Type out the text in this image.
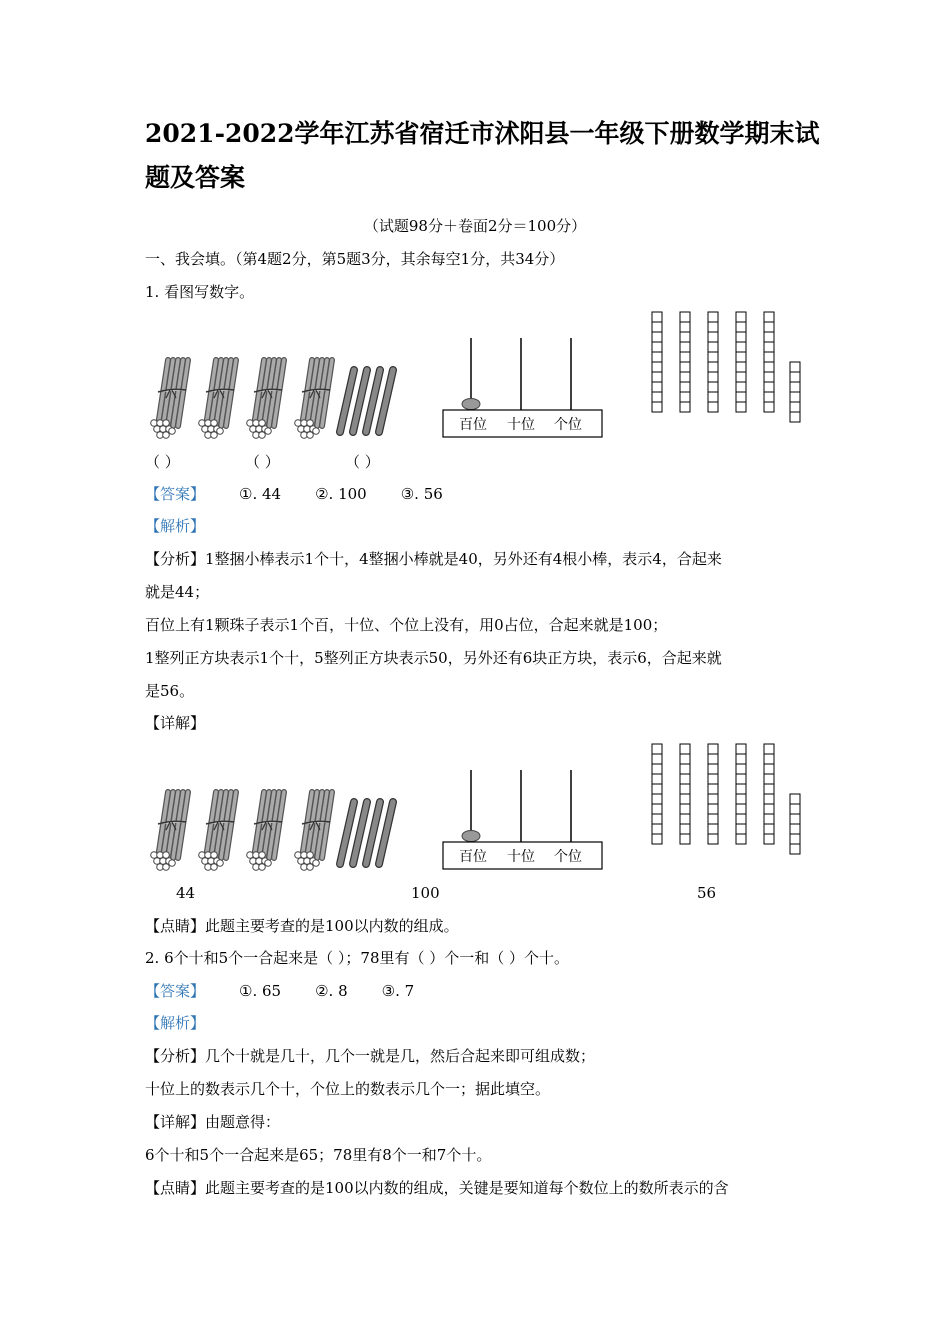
2021-2022学年江苏省宿迁市沭阳县一年级下册数学期末试
题及答案
（试题98分＋卷面2分＝100分）
一、我会填。（第4题2分，第5题3分，其余每空1分，共34分）
1. 看图写数字。
百位 十位 个位
（ ）	（ ）	（ ）
【答案】 ①. 44 ②. 100 ③. 56
【解析】
【分析】1整捆小棒表示1个十，4整捆小棒就是40，另外还有4根小棒，表示4，合起来
就是44；
百位上有1颗珠子表示1个百，十位、个位上没有，用0占位，合起来就是100；
1整列正方块表示1个十，5整列正方块表示50，另外还有6块正方块，表示6，合起来就
是56。
【详解】
百位 十位 个位
44	100	56
【点睛】此题主要考查的是100以内数的组成。
2. 6个十和5个一合起来是（ ）；78里有（ ）个一和（ ）个十。
【答案】 ①. 65 ②. 8 ③. 7
【解析】
【分析】几个十就是几十，几个一就是几，然后合起来即可组成数；
十位上的数表示几个十，个位上的数表示几个一；据此填空。
【详解】由题意得：
6个十和5个一合起来是65；78里有8个一和7个十。
【点睛】此题主要考查的是100以内数的组成，关键是要知道每个数位上的数所表示的含
